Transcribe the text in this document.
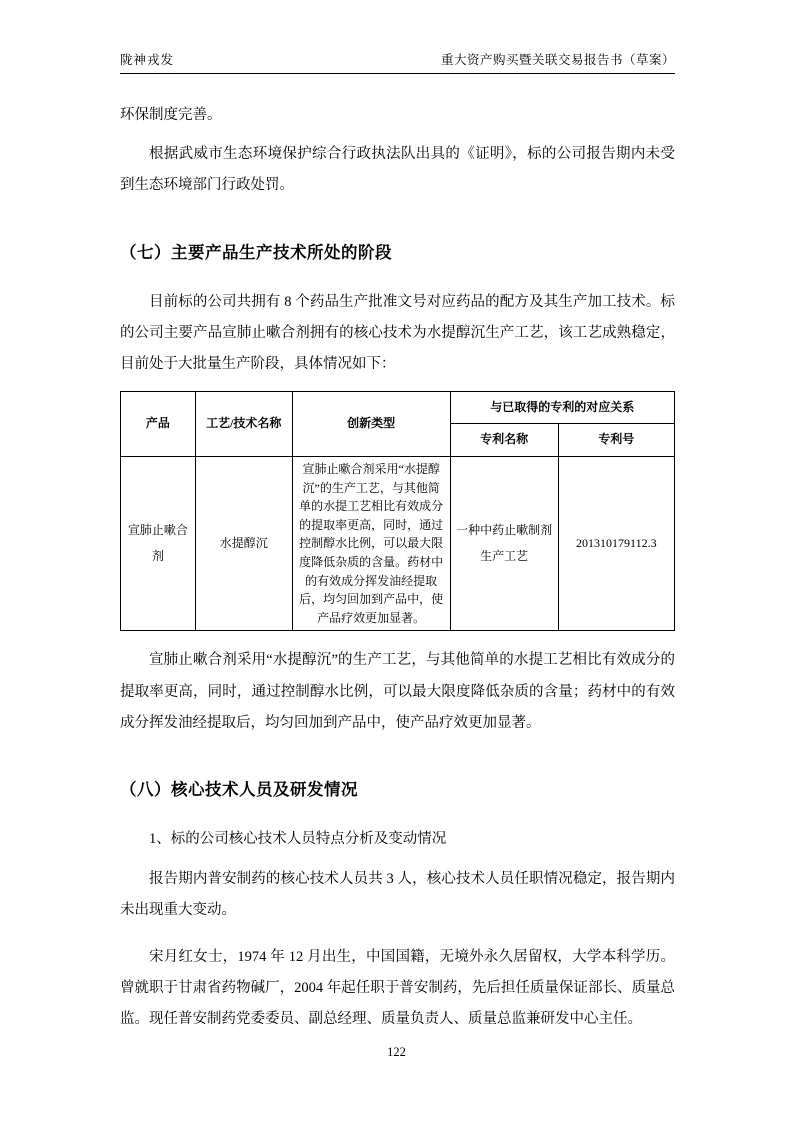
陇神戎发	重大资产购买暨关联交易报告书（草案）

环保制度完善。

根据武威市生态环境保护综合行政执法队出具的《证明》，标的公司报告期内未受到生态环境部门行政处罚。

（七）主要产品生产技术所处的阶段

目前标的公司共拥有 8 个药品生产批准文号对应药品的配方及其生产加工技术。标的公司主要产品宣肺止嗽合剂拥有的核心技术为水提醇沉生产工艺，该工艺成熟稳定，目前处于大批量生产阶段，具体情况如下：

产品	工艺/技术名称	创新类型	与已取得的专利的对应关系	
			专利名称	专利号
宣肺止嗽合剂	水提醇沉	宣肺止嗽合剂采用“水提醇沉”的生产工艺，与其他简单的水提工艺相比有效成分的提取率更高，同时，通过控制醇水比例，可以最大限度降低杂质的含量。药材中的有效成分挥发油经提取后，均匀回加到产品中，使产品疗效更加显著。	一种中药止嗽制剂生产工艺	201310179112.3

宣肺止嗽合剂采用“水提醇沉”的生产工艺，与其他简单的水提工艺相比有效成分的提取率更高，同时，通过控制醇水比例，可以最大限度降低杂质的含量；药材中的有效成分挥发油经提取后，均匀回加到产品中，使产品疗效更加显著。

（八）核心技术人员及研发情况

1、标的公司核心技术人员特点分析及变动情况

报告期内普安制药的核心技术人员共 3 人，核心技术人员任职情况稳定，报告期内未出现重大变动。

宋月红女士，1974 年 12 月出生，中国国籍，无境外永久居留权，大学本科学历。曾就职于甘肃省药物碱厂，2004 年起任职于普安制药，先后担任质量保证部长、质量总监。现任普安制药党委委员、副总经理、质量负责人、质量总监兼研发中心主任。

122
